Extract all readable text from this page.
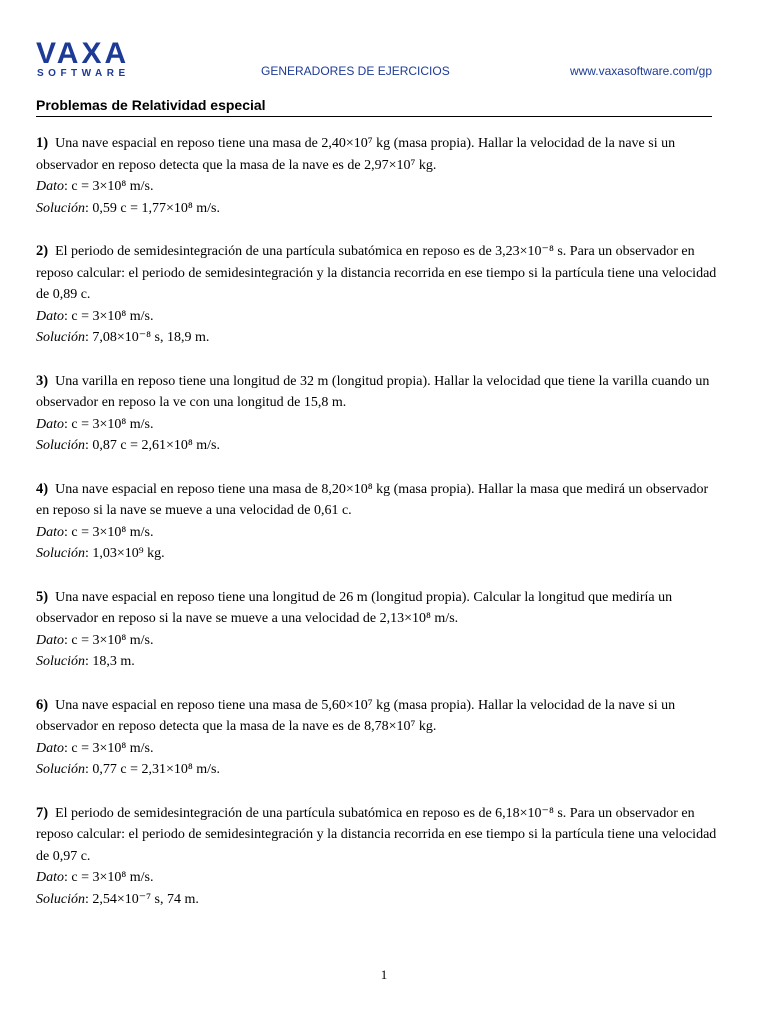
VAXA
SOFTWARE	GENERADORES DE EJERCICIOS	www.vaxasoftware.com/gp
Problemas de Relatividad especial

1) Una nave espacial en reposo tiene una masa de 2,40×10⁷ kg (masa propia). Hallar la velocidad de la nave si un observador en reposo detecta que la masa de la nave es de 2,97×10⁷ kg.

Dato: c = 3×10⁸ m/s.

Solución: 0,59 c = 1,77×10⁸ m/s.

2) El periodo de semidesintegración de una partícula subatómica en reposo es de 3,23×10⁻⁸ s. Para un observador en reposo calcular: el periodo de semidesintegración y la distancia recorrida en ese tiempo si la partícula tiene una velocidad de 0,89 c.

Dato: c = 3×10⁸ m/s.

Solución: 7,08×10⁻⁸ s, 18,9 m.

3) Una varilla en reposo tiene una longitud de 32 m (longitud propia). Hallar la velocidad que tiene la varilla cuando un observador en reposo la ve con una longitud de 15,8 m.

Dato: c = 3×10⁸ m/s.

Solución: 0,87 c = 2,61×10⁸ m/s.

4) Una nave espacial en reposo tiene una masa de 8,20×10⁸ kg (masa propia). Hallar la masa que medirá un observador en reposo si la nave se mueve a una velocidad de 0,61 c.

Dato: c = 3×10⁸ m/s.

Solución: 1,03×10⁹ kg.

5) Una nave espacial en reposo tiene una longitud de 26 m (longitud propia). Calcular la longitud que mediría un observador en reposo si la nave se mueve a una velocidad de 2,13×10⁸ m/s.

Dato: c = 3×10⁸ m/s.

Solución: 18,3 m.

6) Una nave espacial en reposo tiene una masa de 5,60×10⁷ kg (masa propia). Hallar la velocidad de la nave si un observador en reposo detecta que la masa de la nave es de 8,78×10⁷ kg.

Dato: c = 3×10⁸ m/s.

Solución: 0,77 c = 2,31×10⁸ m/s.

7) El periodo de semidesintegración de una partícula subatómica en reposo es de 6,18×10⁻⁸ s. Para un observador en reposo calcular: el periodo de semidesintegración y la distancia recorrida en ese tiempo si la partícula tiene una velocidad de 0,97 c.

Dato: c = 3×10⁸ m/s.

Solución: 2,54×10⁻⁷ s, 74 m.

1
